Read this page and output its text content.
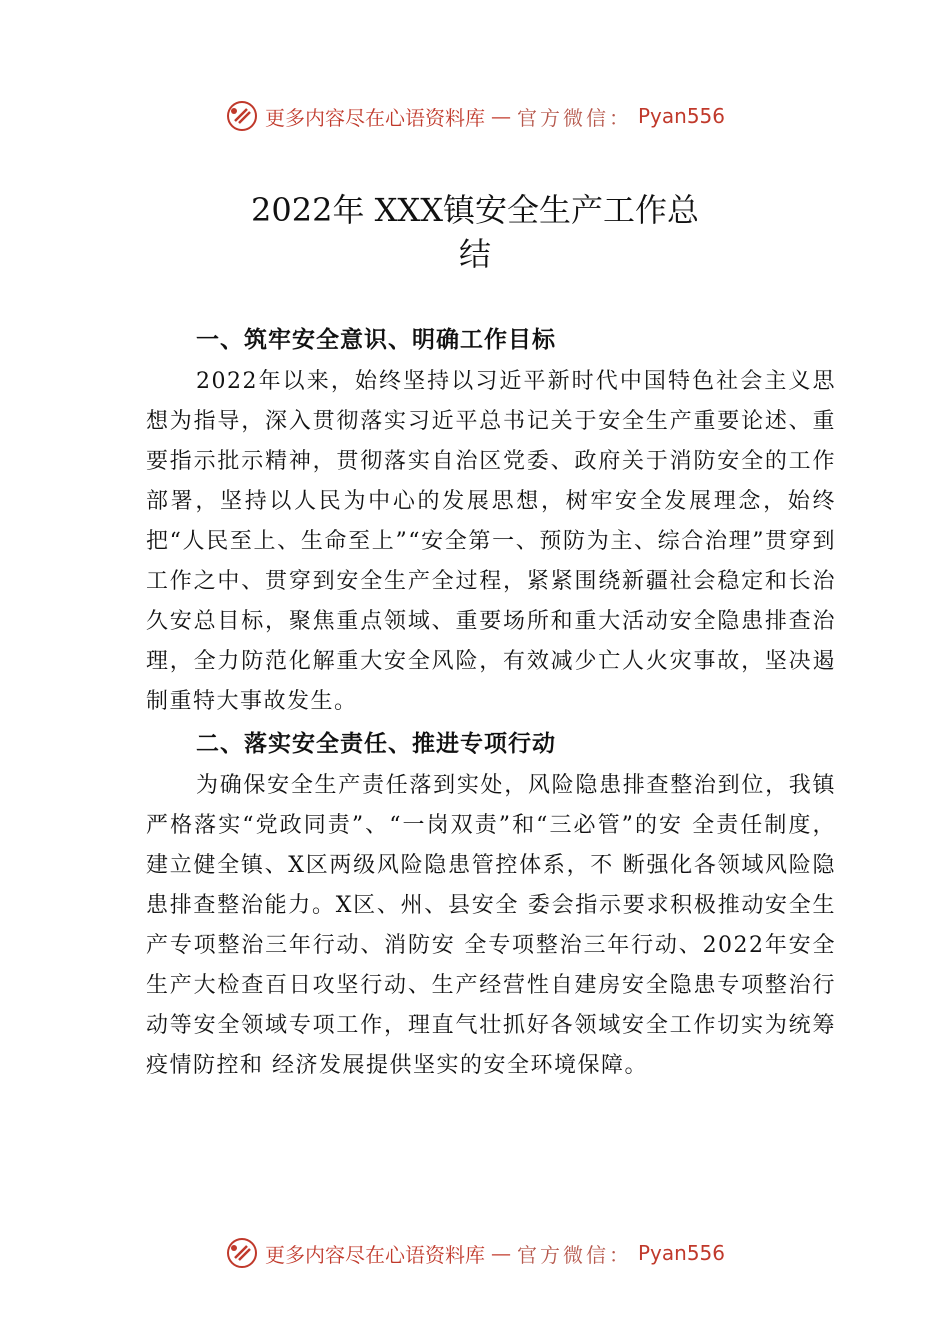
更多内容尽在心语资料库 — 官方微信： Pyan556
2022年 XXX镇安全生产工作总
结

一、筑牢安全意识、明确工作目标

2022年以来，始终坚持以习近平新时代中国特色社会主义思想为指导，深入贯彻落实习近平总书记关于安全生产重要论述、重要指示批示精神，贯彻落实自治区党委、政府关于消防安全的工作部署，坚持以人民为中心的发展思想，树牢安全发展理念，始终把“人民至上、生命至上”“安全第一、预防为主、综合治理”贯穿到工作之中、贯穿到安全生产全过程，紧紧围绕新疆社会稳定和长治久安总目标，聚焦重点领域、重要场所和重大活动安全隐患排查治理，全力防范化解重大安全风险，有效减少亡人火灾事故，坚决遏制重特大事故发生。

二、落实安全责任、推进专项行动

为确保安全生产责任落到实处，风险隐患排查整治到位，我镇严格落实“党政同责”、“一岗双责”和“三必管”的安 全责任制度，建立健全镇、X区两级风险隐患管控体系，不 断强化各领域风险隐患排查整治能力。X区、州、县安全 委会指示要求积极推动安全生产专项整治三年行动、消防安 全专项整治三年行动、2022年安全生产大检查百日攻坚行动、生产经营性自建房安全隐患专项整治行动等安全领域专项工作，理直气壮抓好各领域安全工作切实为统筹疫情防控和 经济发展提供坚实的安全环境保障。

更多内容尽在心语资料库 — 官方微信： Pyan556
